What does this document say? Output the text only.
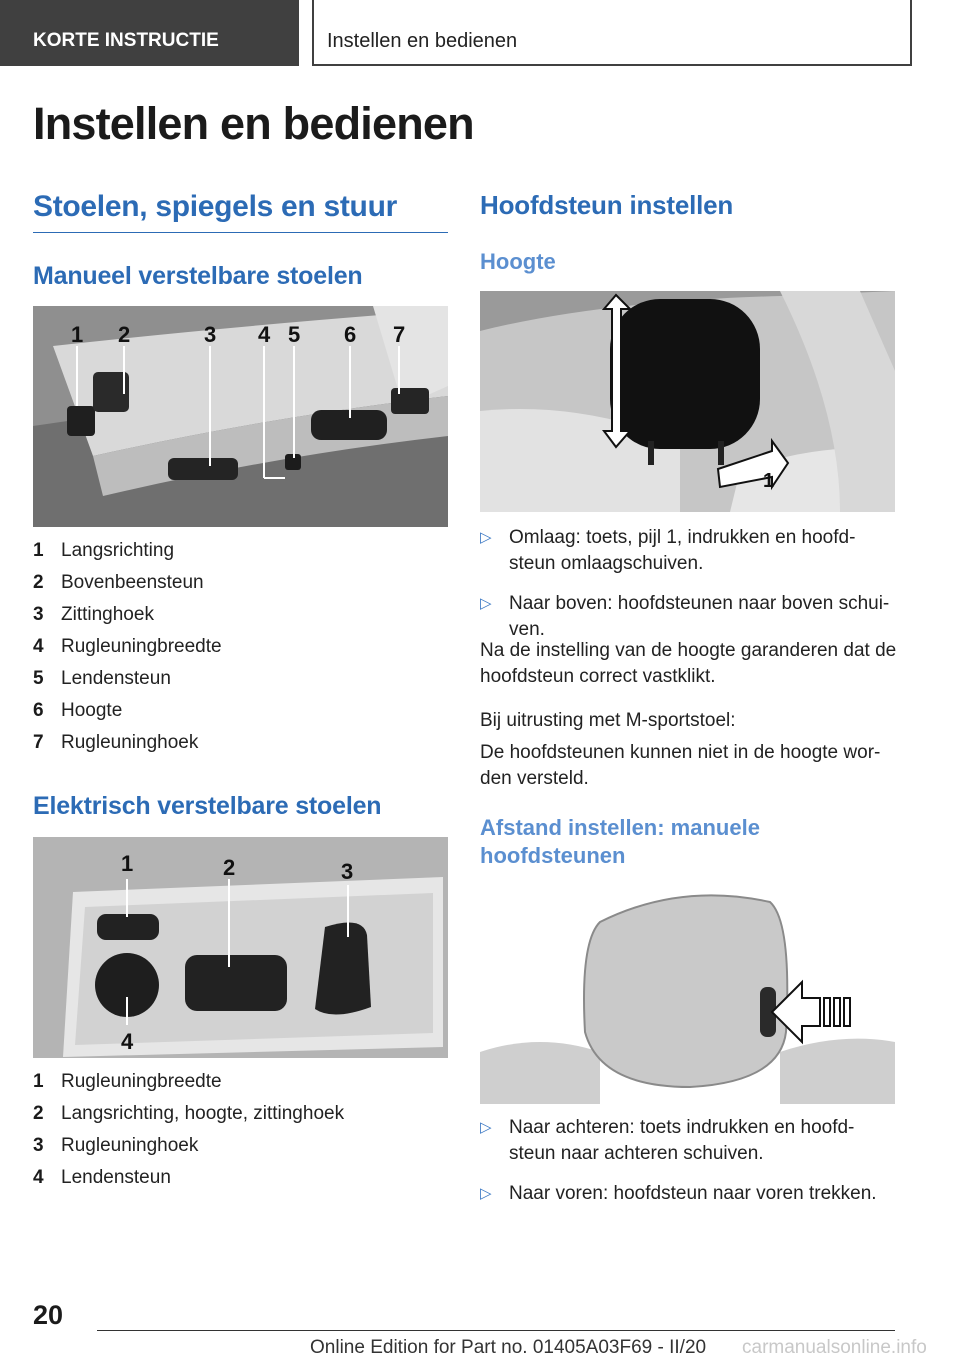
KORTE INSTRUCTIE	Instellen en bedienen
Instellen en bedienen
Stoelen, spiegels en stuur
Manueel verstelbare stoelen
1 2	3 4 5 6 7
1 Langsrichting
2 Bovenbeensteun
3 Zittinghoek
4 Rugleuningbreedte
5 Lendensteun
6 Hoogte
7 Rugleuninghoek
Elektrisch verstelbare stoelen
1	2	3
4
1 Rugleuningbreedte
2 Langsrichting, hoogte, zittinghoek
3 Rugleuninghoek
4 Lendensteun
Hoofdsteun instellen
Hoogte
1
▷ Omlaag: toets, pijl 1, indrukken en hoofd-steun omlaagschuiven.
▷ Naar boven: hoofdsteunen naar boven schui-ven.

Na de instelling van de hoogte garanderen dat de hoofdsteun correct vastklikt.

Bij uitrusting met M-sportstoel:

De hoofdsteunen kunnen niet in de hoogte wor-den versteld.

Afstand instellen: manuele hoofdsteunen
▷ Naar achteren: toets indrukken en hoofd-steun naar achteren schuiven.
▷ Naar voren: hoofdsteun naar voren trekken.
20
Online Edition for Part no. 01405A03F69 - II/20 carmanualsonline.info
